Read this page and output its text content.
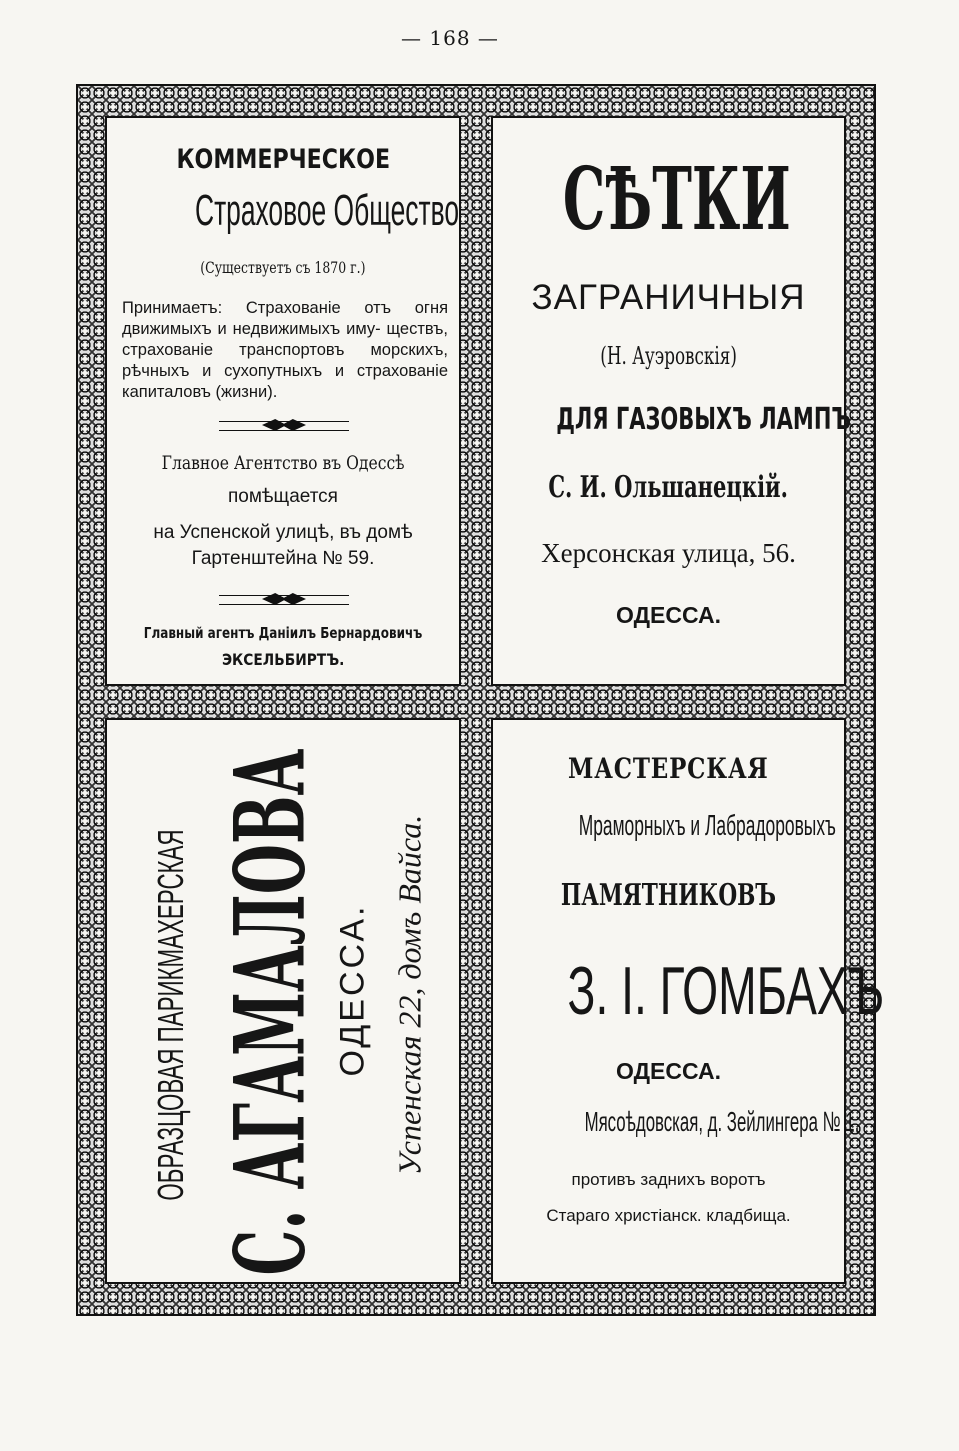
— 168 —
КОММЕРЧЕСКОЕ
Страховое Общество
(Существуетъ съ 1870 г.)
Принимаетъ: Страхованіе отъ огня движимыхъ и недвижимыхъ иму- ществъ, страхованіе транспортовъ морскихъ, рѣчныхъ и сухопутныхъ и страхованіе капиталовъ (жизни).
Главное Агентство въ Одессѣ
помѣщается
на Успенской улицѣ, въ домѣ
Гартенштейна № 59.
Главный агентъ Даніилъ Бернардовичъ
ЭКСЕЛЬБИРТЪ.
СѢТКИ
ЗАГРАНИЧНЫЯ
(Н. Ауэровскія)
ДЛЯ ГАЗОВЫХЪ ЛАМПЪ
С. И. Ольшанецкій.
Херсонская улица, 56.
ОДЕССА.
ОБРАЗЦОВАЯ ПАРИКМАХЕРСКАЯ С. АГАМАЛОВА ОДЕССА. Успенская 22, домъ Вайса.
МАСТЕРСКАЯ
Мраморныхъ и Лабрадоровыхъ
ПАМЯТНИКОВЪ
З. І. ГОМБАХЪ
ОДЕССА.
Мясоѣдовская, д. Зейлингера № 1,
противъ заднихъ воротъ
Стараго христіанск. кладбища.
